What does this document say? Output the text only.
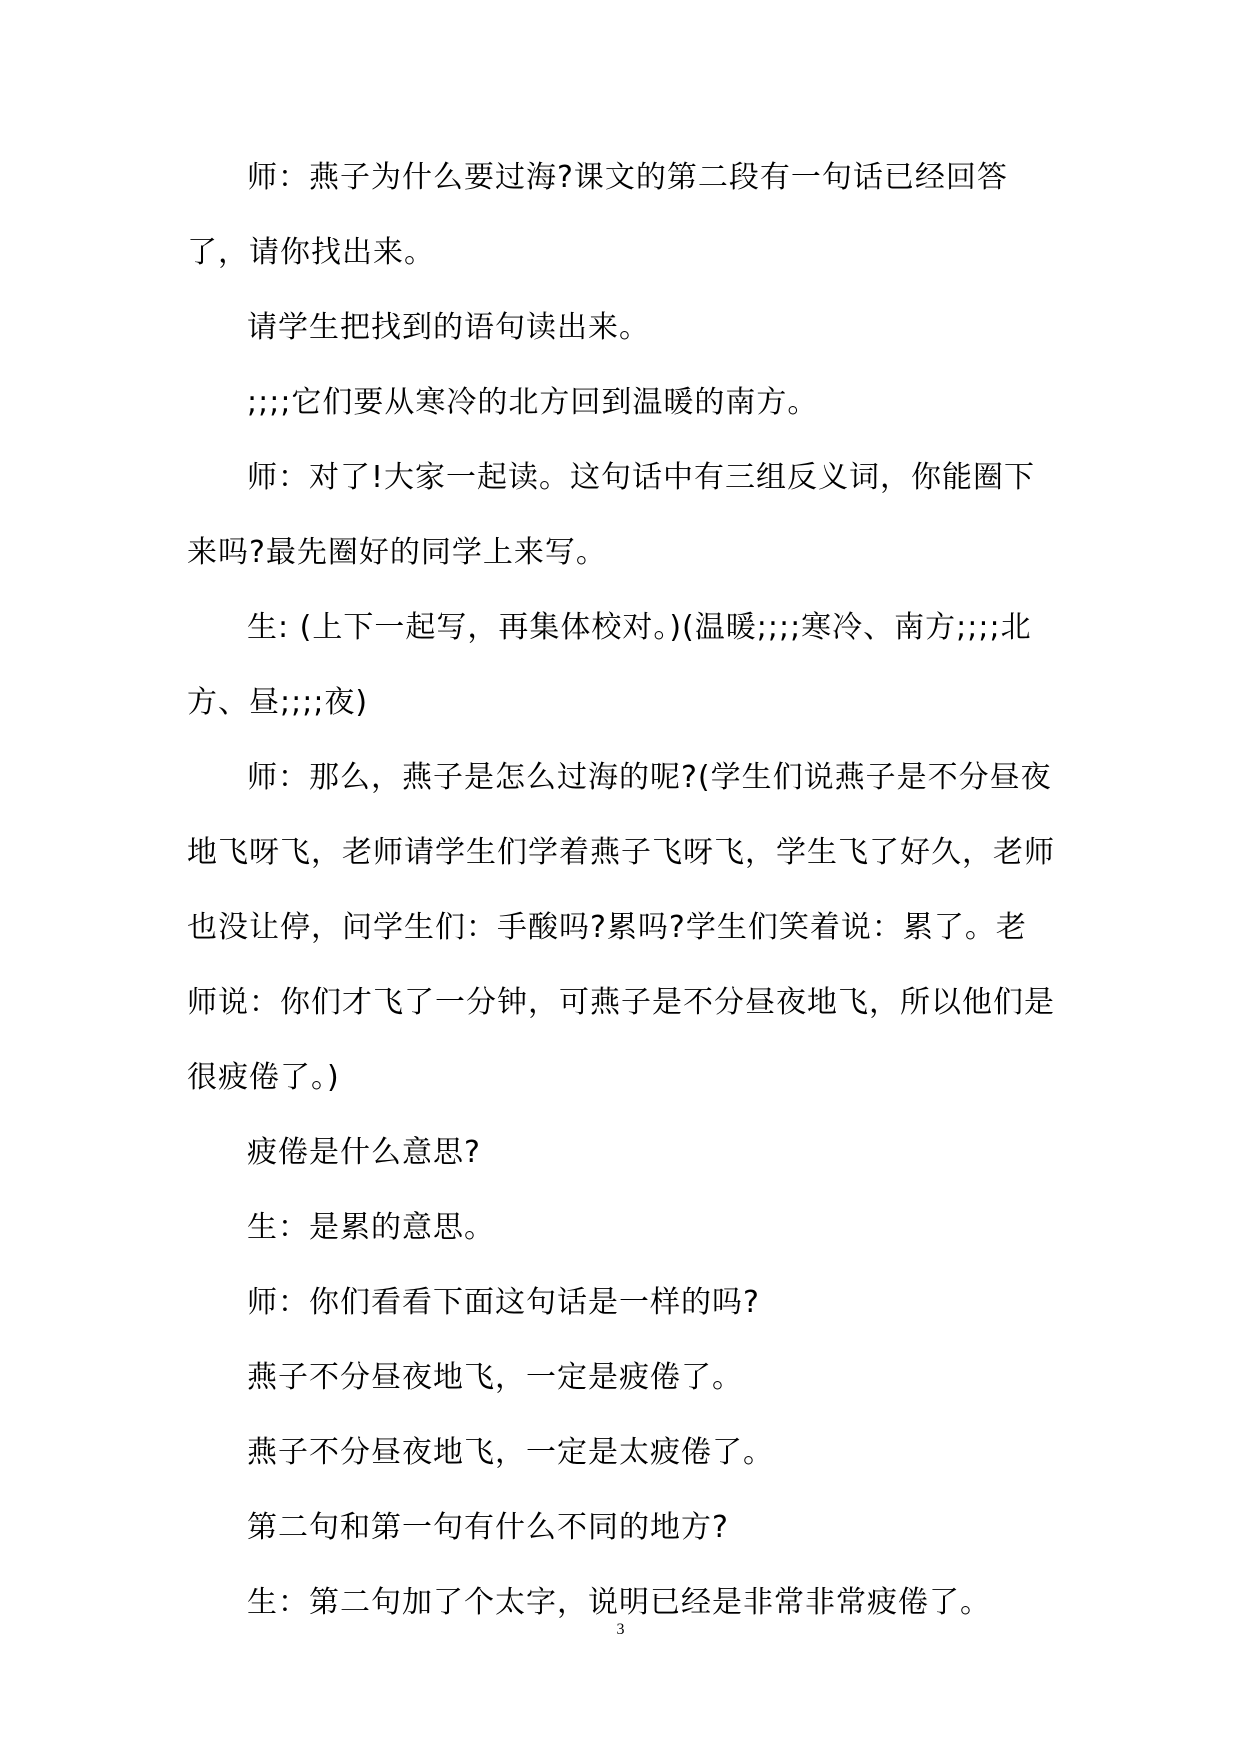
师：燕子为什么要过海?课文的第二段有一句话已经回答了，请你找出来。

请学生把找到的语句读出来。

;;;;它们要从寒冷的北方回到温暖的南方。

师：对了!大家一起读。这句话中有三组反义词，你能圈下来吗?最先圈好的同学上来写。

生: (上下一起写，再集体校对。)(温暖;;;;寒冷、南方;;;;北方、昼;;;;夜)

师：那么，燕子是怎么过海的呢?(学生们说燕子是不分昼夜地飞呀飞，老师请学生们学着燕子飞呀飞，学生飞了好久，老师也没让停，问学生们：手酸吗?累吗?学生们笑着说：累了。老师说：你们才飞了一分钟，可燕子是不分昼夜地飞，所以他们是很疲倦了。)

疲倦是什么意思?

生：是累的意思。

师：你们看看下面这句话是一样的吗?

燕子不分昼夜地飞，一定是疲倦了。

燕子不分昼夜地飞，一定是太疲倦了。

第二句和第一句有什么不同的地方?

生：第二句加了个太字，说明已经是非常非常疲倦了。

3
